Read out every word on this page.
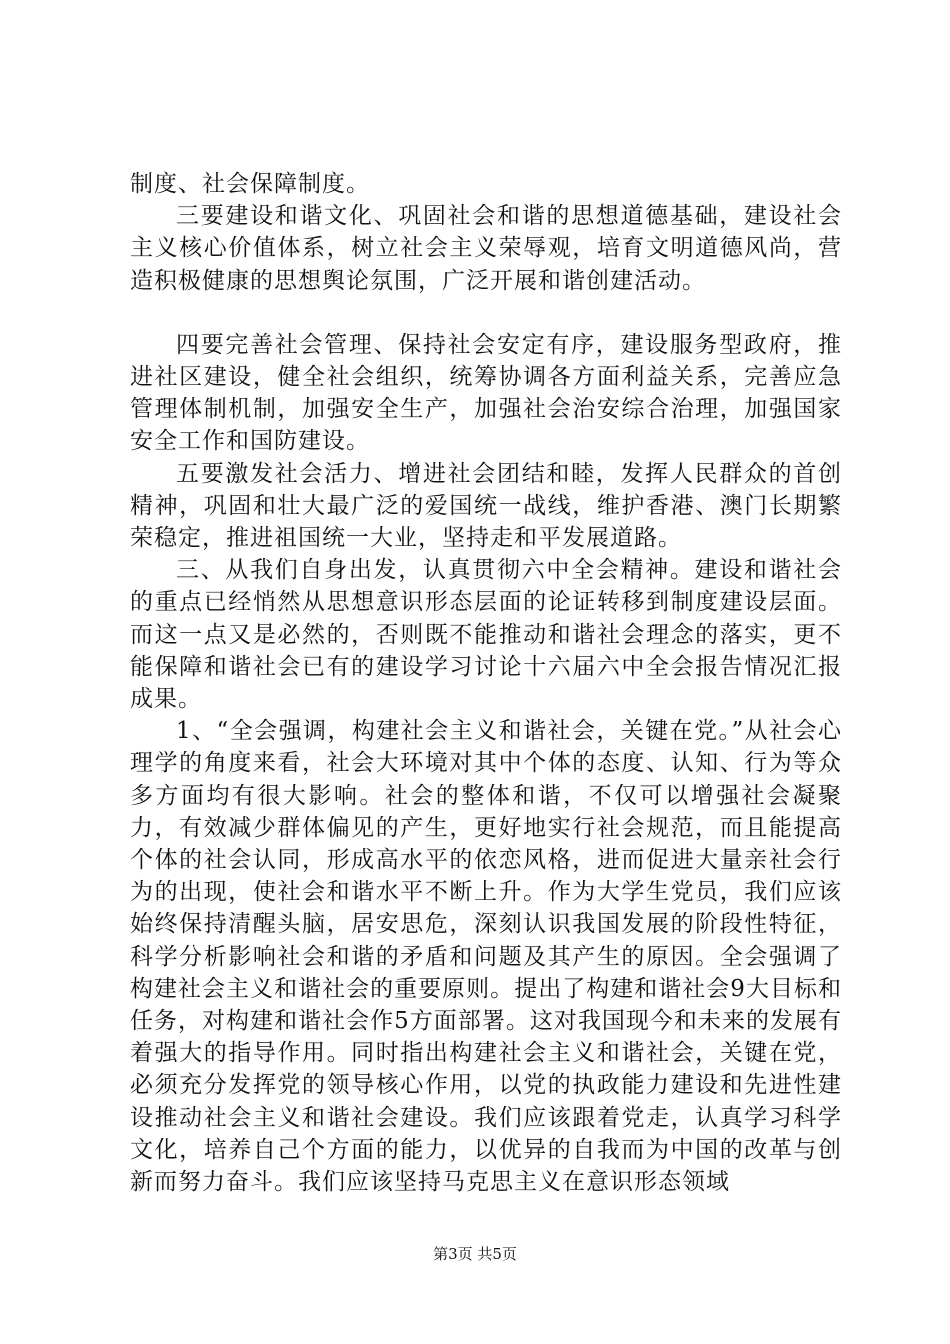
制度、社会保障制度。

三要建设和谐文化、巩固社会和谐的思想道德基础，建设社会主义核心价值体系，树立社会主义荣辱观，培育文明道德风尚，营造积极健康的思想舆论氛围，广泛开展和谐创建活动。

四要完善社会管理、保持社会安定有序，建设服务型政府，推进社区建设，健全社会组织，统筹协调各方面利益关系，完善应急管理体制机制，加强安全生产，加强社会治安综合治理，加强国家安全工作和国防建设。

五要激发社会活力、增进社会团结和睦，发挥人民群众的首创精神，巩固和壮大最广泛的爱国统一战线，维护香港、澳门长期繁荣稳定，推进祖国统一大业，坚持走和平发展道路。

三、从我们自身出发，认真贯彻六中全会精神。建设和谐社会的重点已经悄然从思想意识形态层面的论证转移到制度建设层面。而这一点又是必然的，否则既不能推动和谐社会理念的落实，更不能保障和谐社会已有的建设学习讨论十六届六中全会报告情况汇报成果。

1、“全会强调，构建社会主义和谐社会，关键在党。”从社会心理学的角度来看，社会大环境对其中个体的态度、认知、行为等众多方面均有很大影响。社会的整体和谐，不仅可以增强社会凝聚力，有效减少群体偏见的产生，更好地实行社会规范，而且能提高个体的社会认同，形成高水平的依恋风格，进而促进大量亲社会行为的出现，使社会和谐水平不断上升。作为大学生党员，我们应该始终保持清醒头脑，居安思危，深刻认识我国发展的阶段性特征，科学分析影响社会和谐的矛盾和问题及其产生的原因。全会强调了构建社会主义和谐社会的重要原则。提出了构建和谐社会9大目标和任务，对构建和谐社会作5方面部署。这对我国现今和未来的发展有着强大的指导作用。同时指出构建社会主义和谐社会，关键在党，必须充分发挥党的领导核心作用，以党的执政能力建设和先进性建设推动社会主义和谐社会建设。我们应该跟着党走，认真学习科学文化，培养自己个方面的能力，以优异的自我而为中国的改革与创新而努力奋斗。我们应该坚持马克思主义在意识形态领域

第3页 共5页
